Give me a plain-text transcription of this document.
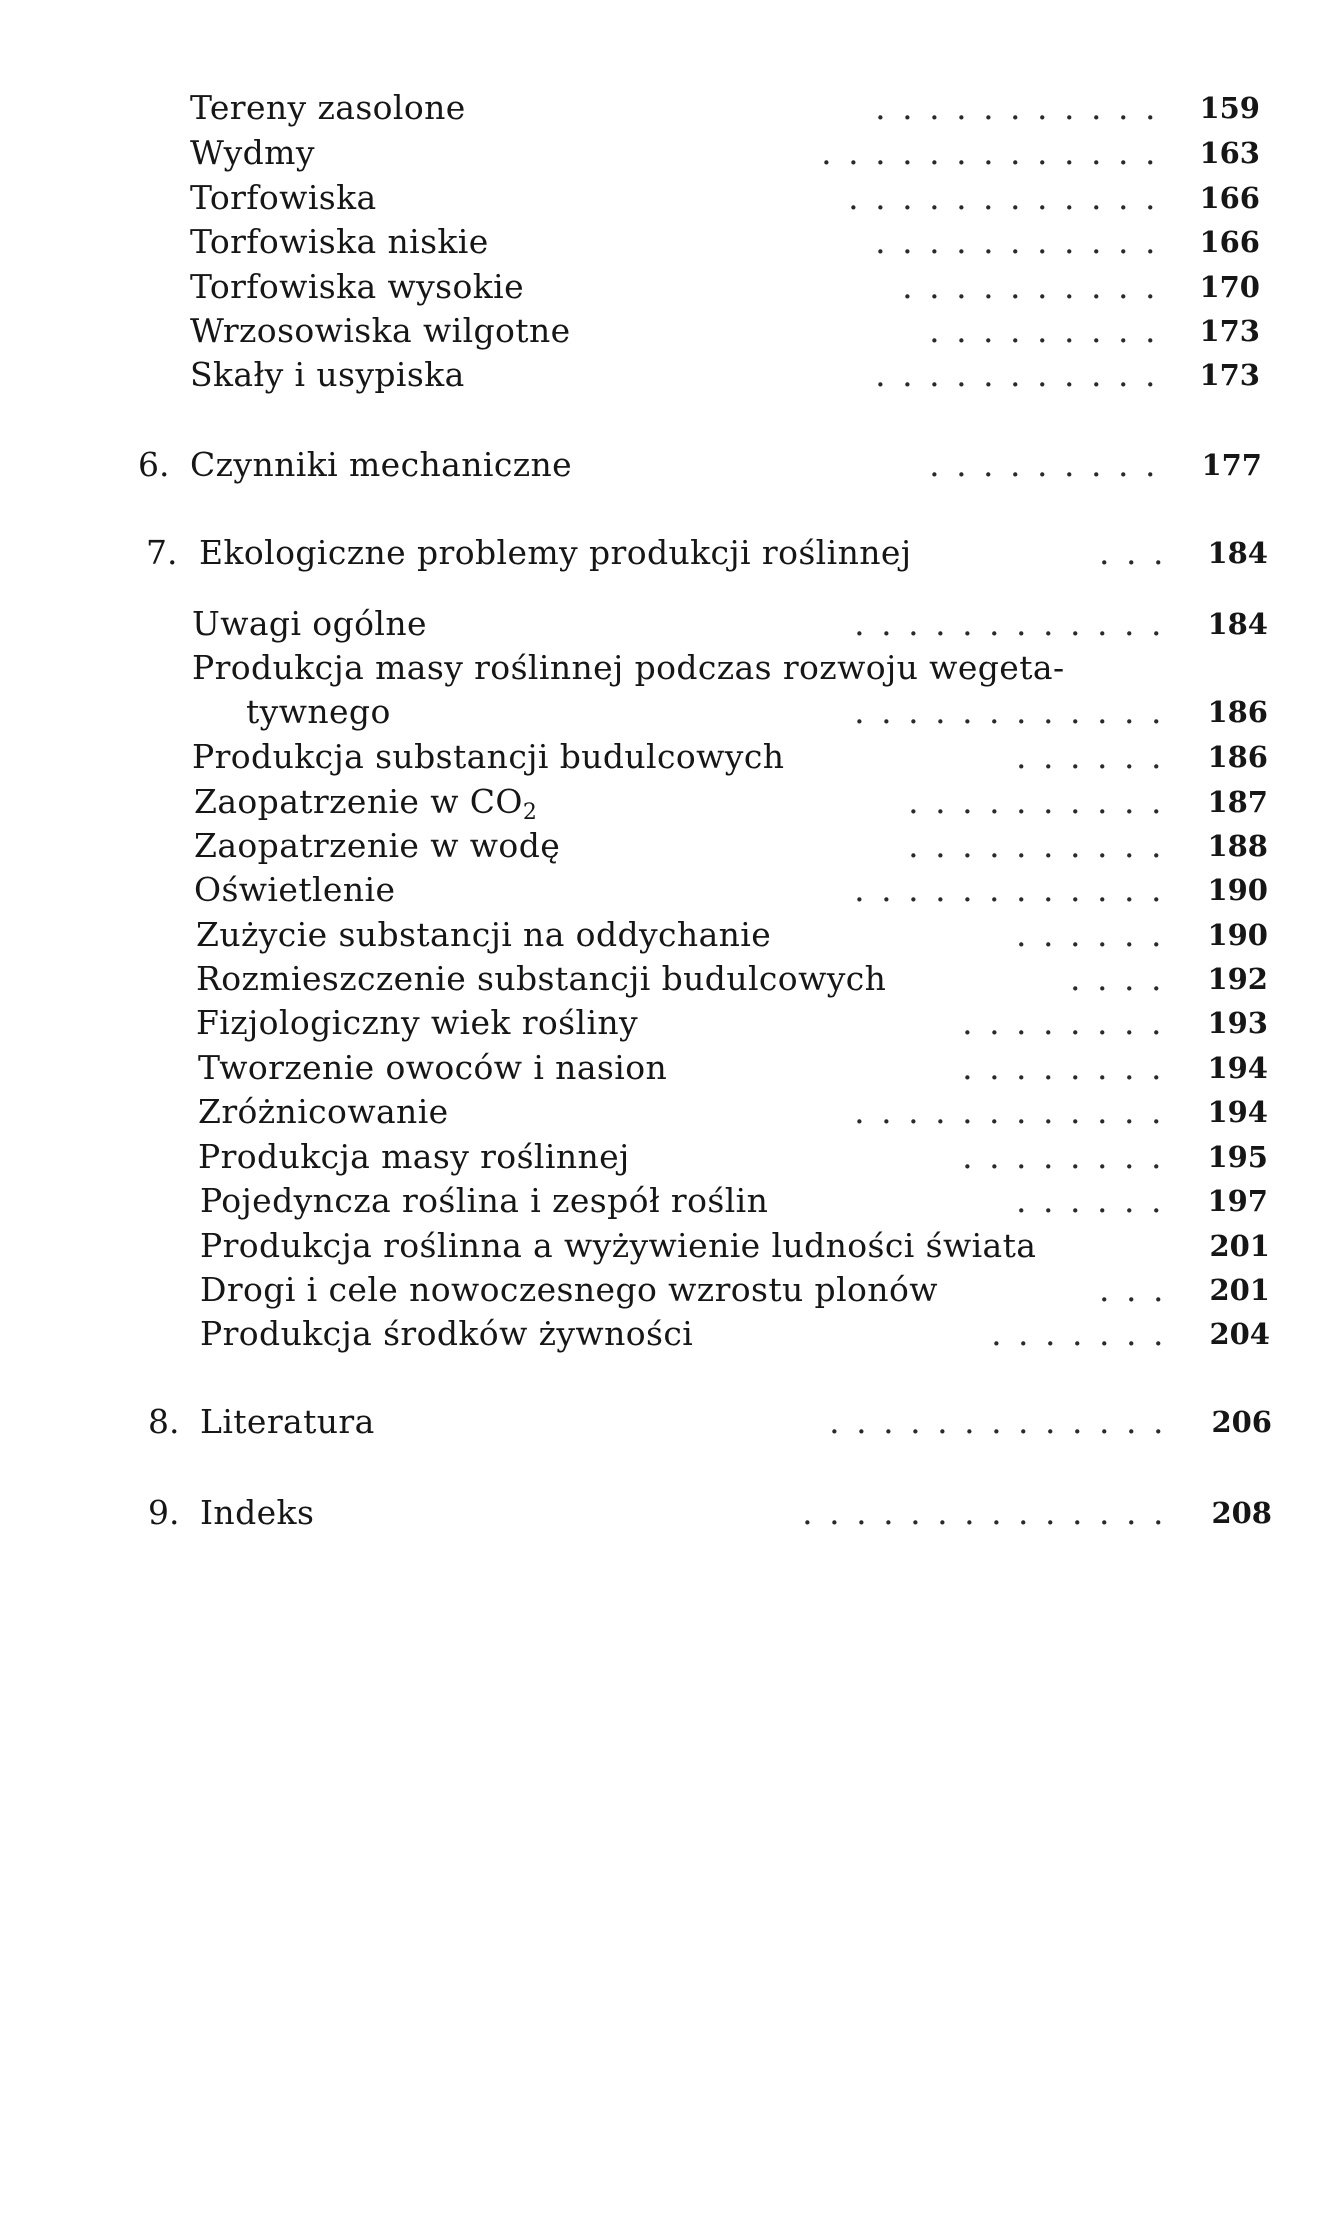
Tereny zasolone	........... 159
Wydmy	............. 163
Torfowiska	............ 166
Torfowiska niskie	........... 166
Torfowiska wysokie	.......... 170
Wrzosowiska wilgotne	......... 173
Skały i usypiska	........... 173
6. Czynniki mechaniczne	.........	177
7. Ekologiczne problemy produkcji roślinnej	... 184
Uwagi ogólne	............	184
Produkcja masy roślinnej podczas rozwoju wegeta-
tywnego	............	186
Produkcja substancji budulcowych	......	186
Zaopatrzenie w $CO_2$	..........	187
Zaopatrzenie w wodę	..........	188
Oświetlenie	............	190
Zużycie substancji na oddychanie	......	190
Rozmieszczenie substancji budulcowych	....	192
Fizjologiczny wiek rośliny	........	193
Tworzenie owoców i nasion	........	194
Zróżnicowanie	............	194
Produkcja masy roślinnej	........	195
Pojedyncza roślina i zespół roślin	......	197
Produkcja roślinna a wyżywienie ludności świata	201
Drogi i cele nowoczesnego wzrostu plonów	...	201
Produkcja środków żywności	.......	204
8. Literatura	.............	206
9. Indeks	..............	208
